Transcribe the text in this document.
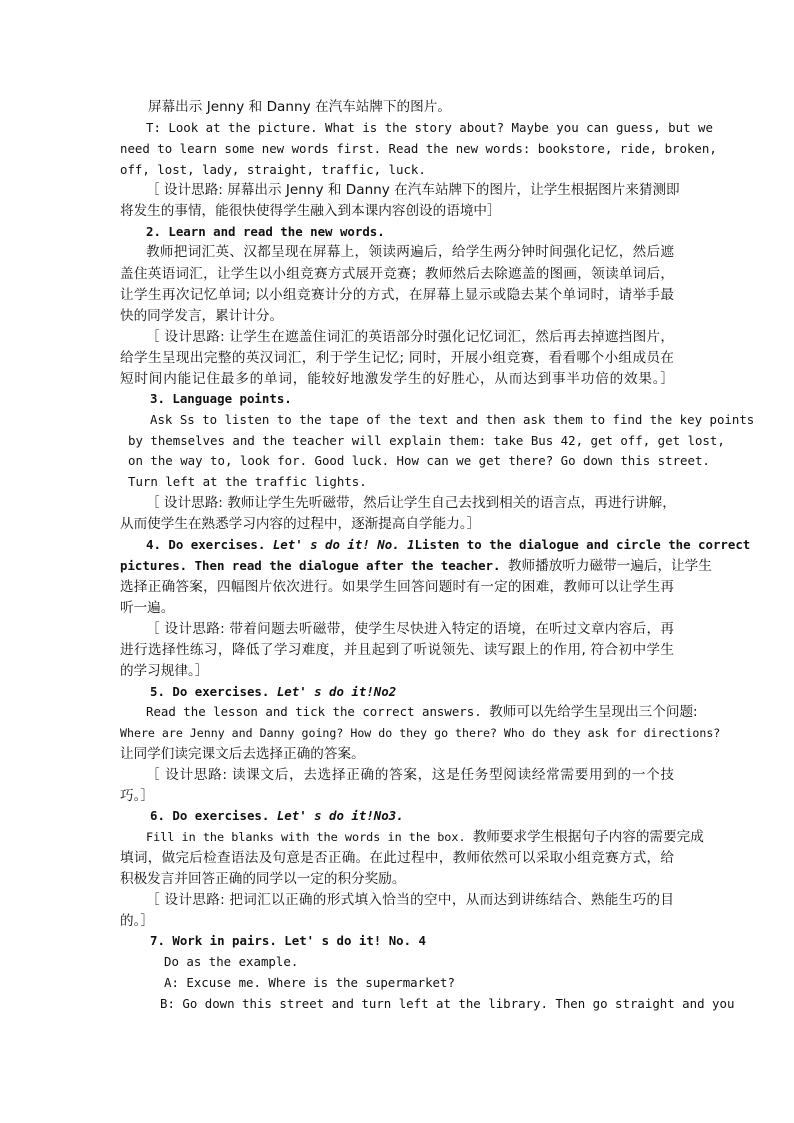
屏幕出示 Jenny 和 Danny 在汽车站牌下的图片。
T: Look at the picture. What is the story about? Maybe you can guess, but we
need to learn some new words first. Read the new words: bookstore, ride, broken,
off, lost, lady, straight, traffic, luck.
［ 设计思路: 屏幕出示 Jenny 和 Danny 在汽车站牌下的图片，让学生根据图片来猜测即
将发生的事情，能很快使得学生融入到本课内容创设的语境中］
2. Learn and read the new words.
教师把词汇英、汉都呈现在屏幕上，领读两遍后，给学生两分钟时间强化记忆，然后遮
盖住英语词汇，让学生以小组竞赛方式展开竞赛；教师然后去除遮盖的图画，领读单词后，
让学生再次记忆单词; 以小组竞赛计分的方式，在屏幕上显示或隐去某个单词时，请举手最
快的同学发言，累计计分。
［ 设计思路: 让学生在遮盖住词汇的英语部分时强化记忆词汇，然后再去掉遮挡图片，
给学生呈现出完整的英汉词汇，利于学生记忆; 同时，开展小组竞赛，看看哪个小组成员在
短时间内能记住最多的单词，能较好地激发学生的好胜心，从而达到事半功倍的效果。］
3. Language points.
Ask Ss to listen to the tape of the text and then ask them to find the key points
by themselves and the teacher will explain them: take Bus 42, get off, get lost,
on the way to, look for. Good luck. How can we get there? Go down this street.
Turn left at the traffic lights.
［ 设计思路: 教师让学生先听磁带，然后让学生自己去找到相关的语言点，再进行讲解，
从而使学生在熟悉学习内容的过程中，逐渐提高自学能力。］
4. Do exercises. Let' s do it! No. 1Listen to the dialogue and circle the correct
pictures. Then read the dialogue after the teacher. 教师播放听力磁带一遍后，让学生
选择正确答案，四幅图片依次进行。如果学生回答问题时有一定的困难，教师可以让学生再
听一遍。
［ 设计思路: 带着问题去听磁带，使学生尽快进入特定的语境，在听过文章内容后，再
进行选择性练习，降低了学习难度，并且起到了听说领先、读写跟上的作用, 符合初中学生
的学习规律。］
5. Do exercises. Let' s do it!No2
Read the lesson and tick the correct answers. 教师可以先给学生呈现出三个问题:
Where are Jenny and Danny going? How do they go there? Who do they ask for directions?
让同学们读完课文后去选择正确的答案。
［ 设计思路: 读课文后，去选择正确的答案，这是任务型阅读经常需要用到的一个技
巧。］
6. Do exercises. Let' s do it!No3.
Fill in the blanks with the words in the box. 教师要求学生根据句子内容的需要完成
填词，做完后检查语法及句意是否正确。在此过程中，教师依然可以采取小组竞赛方式，给
积极发言并回答正确的同学以一定的积分奖励。
［ 设计思路: 把词汇以正确的形式填入恰当的空中，从而达到讲练结合、熟能生巧的目
的。］
7. Work in pairs. Let' s do it! No. 4
Do as the example.
A: Excuse me. Where is the supermarket?
B: Go down this street and turn left at the library. Then go straight and you
